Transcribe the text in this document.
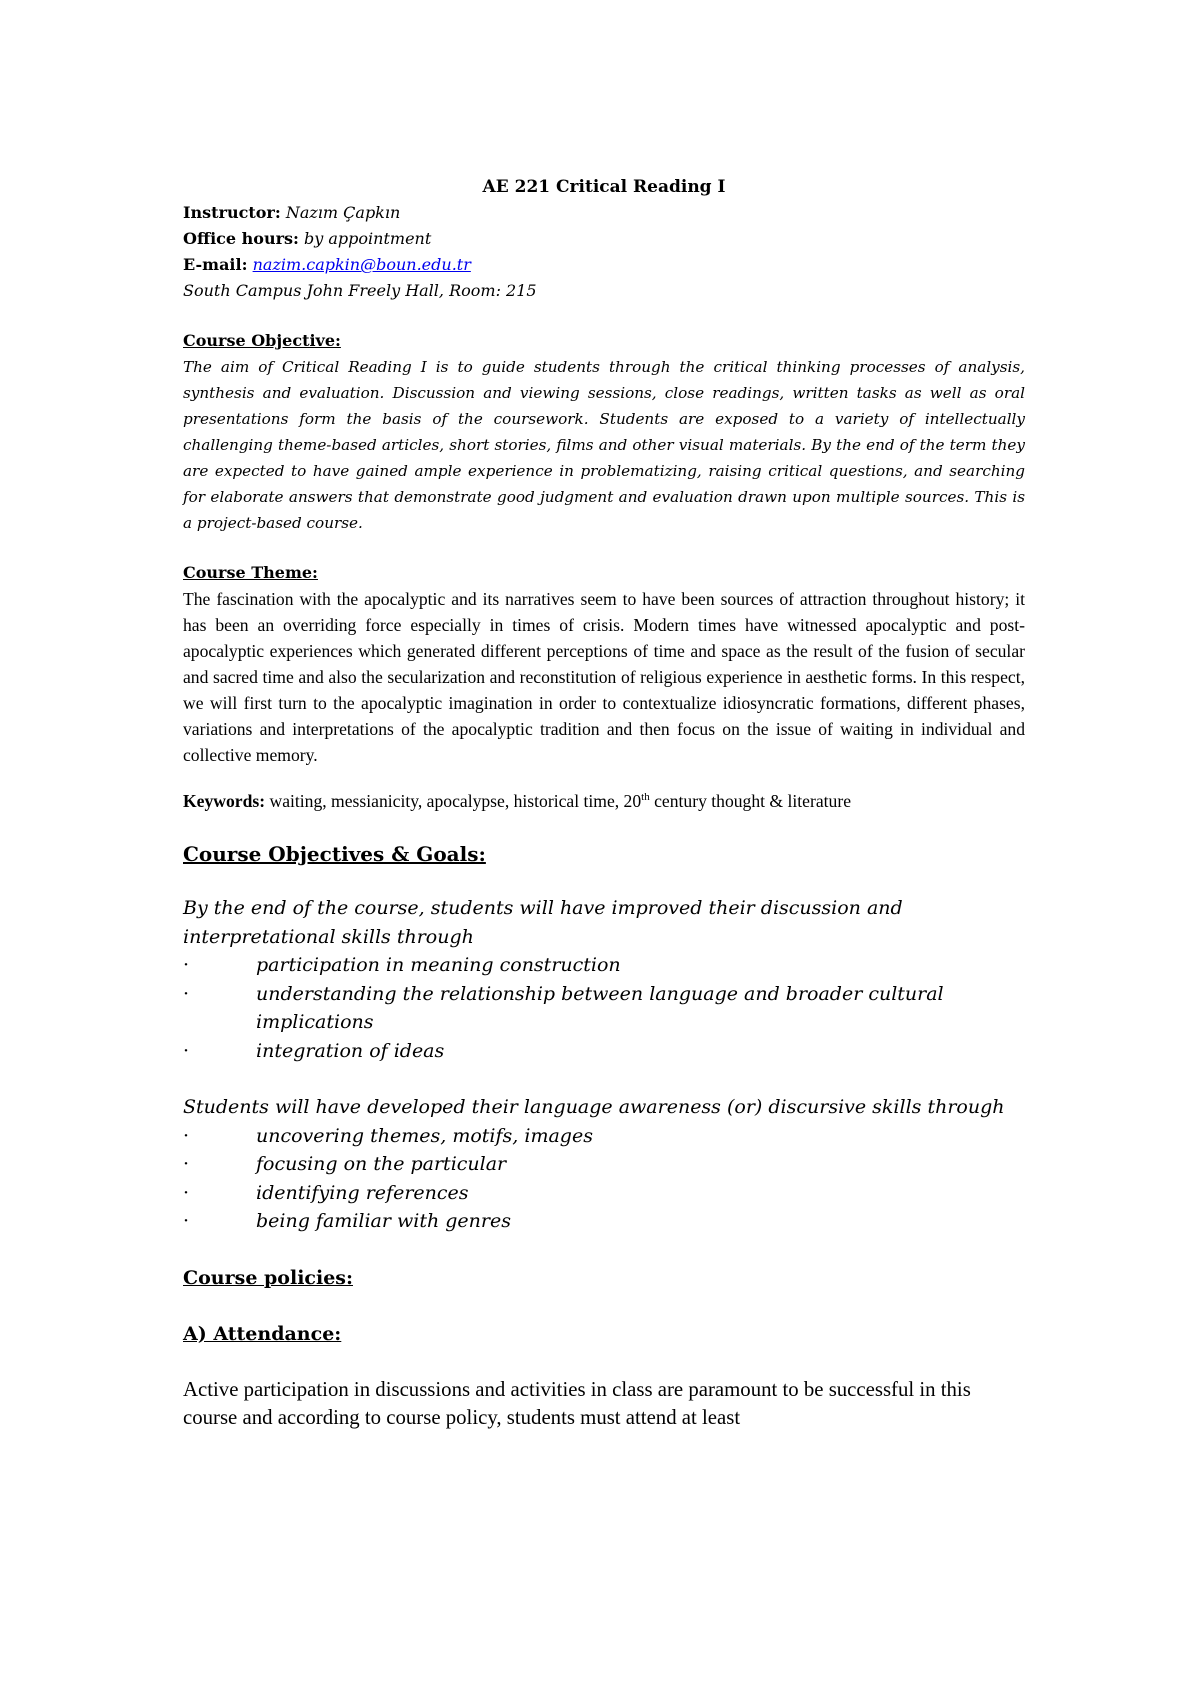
AE 221 Critical Reading I

Instructor: Nazım Çapkın

Office hours: by appointment

E-mail: nazim.capkin@boun.edu.tr

South Campus John Freely Hall, Room: 215

Course Objective:

The aim of Critical Reading I is to guide students through the critical thinking processes of analysis, synthesis and evaluation. Discussion and viewing sessions, close readings, written tasks as well as oral presentations form the basis of the coursework. Students are exposed to a variety of intellectually challenging theme-based articles, short stories, films and other visual materials. By the end of the term they are expected to have gained ample experience in problematizing, raising critical questions, and searching for elaborate answers that demonstrate good judgment and evaluation drawn upon multiple sources. This is a project-based course.

Course Theme:

The fascination with the apocalyptic and its narratives seem to have been sources of attraction throughout history; it has been an overriding force especially in times of crisis. Modern times have witnessed apocalyptic and post-apocalyptic experiences which generated different perceptions of time and space as the result of the fusion of secular and sacred time and also the secularization and reconstitution of religious experience in aesthetic forms. In this respect, we will first turn to the apocalyptic imagination in order to contextualize idiosyncratic formations, different phases, variations and interpretations of the apocalyptic tradition and then focus on the issue of waiting in individual and collective memory.

Keywords: waiting, messianicity, apocalypse, historical time, 20th century thought & literature

Course Objectives & Goals:

By the end of the course, students will have improved their discussion and interpretational skills through

·	participation in meaning construction
·	understanding the relationship between language and broader cultural implications
·	integration of ideas

Students will have developed their language awareness (or) discursive skills through

·	uncovering themes, motifs, images
·	focusing on the particular
·	identifying references
·	being familiar with genres

Course policies:

A) Attendance:

Active participation in discussions and activities in class are paramount to be successful in this course and according to course policy, students must attend at least
